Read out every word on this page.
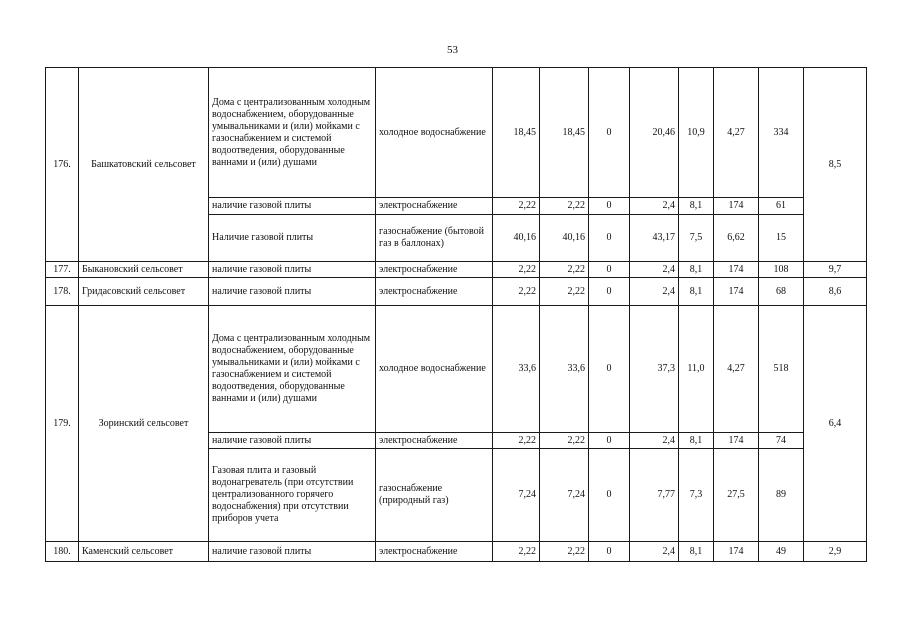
53
176.	Башкатовский сельсовет	Дома с централизованным холодным водоснабжением, оборудованные умывальниками и (или) мойками с газоснабжением и системой водоотведения, оборудованные ваннами и (или) душами	холодное водоснабжение	18,45	18,45	0	20,46	10,9	4,27	334	8,5
		наличие газовой плиты	электроснабжение	2,22	2,22	0	2,4	8,1	174	61	
		Наличие газовой плиты	газоснабжение (бытовой газ в баллонах)	40,16	40,16	0	43,17	7,5	6,62	15	
177.	Быкановский сельсовет	наличие газовой плиты	электроснабжение	2,22	2,22	0	2,4	8,1	174	108	9,7
178.	Гридасовский сельсовет	наличие газовой плиты	электроснабжение	2,22	2,22	0	2,4	8,1	174	68	8,6
179.	Зоринский сельсовет	Дома с централизованным холодным водоснабжением, оборудованные умывальниками и (или) мойками с газоснабжением и системой водоотведения, оборудованные ваннами и (или) душами	холодное водоснабжение	33,6	33,6	0	37,3	11,0	4,27	518	6,4
		наличие газовой плиты	электроснабжение	2,22	2,22	0	2,4	8,1	174	74	
		Газовая плита и газовый водонагреватель (при отсутствии централизованного горячего водоснабжения) при отсутствии приборов учета	газоснабжение (природный газ)	7,24	7,24	0	7,77	7,3	27,5	89	
180.	Каменский сельсовет	наличие газовой плиты	электроснабжение	2,22	2,22	0	2,4	8,1	174	49	2,9
